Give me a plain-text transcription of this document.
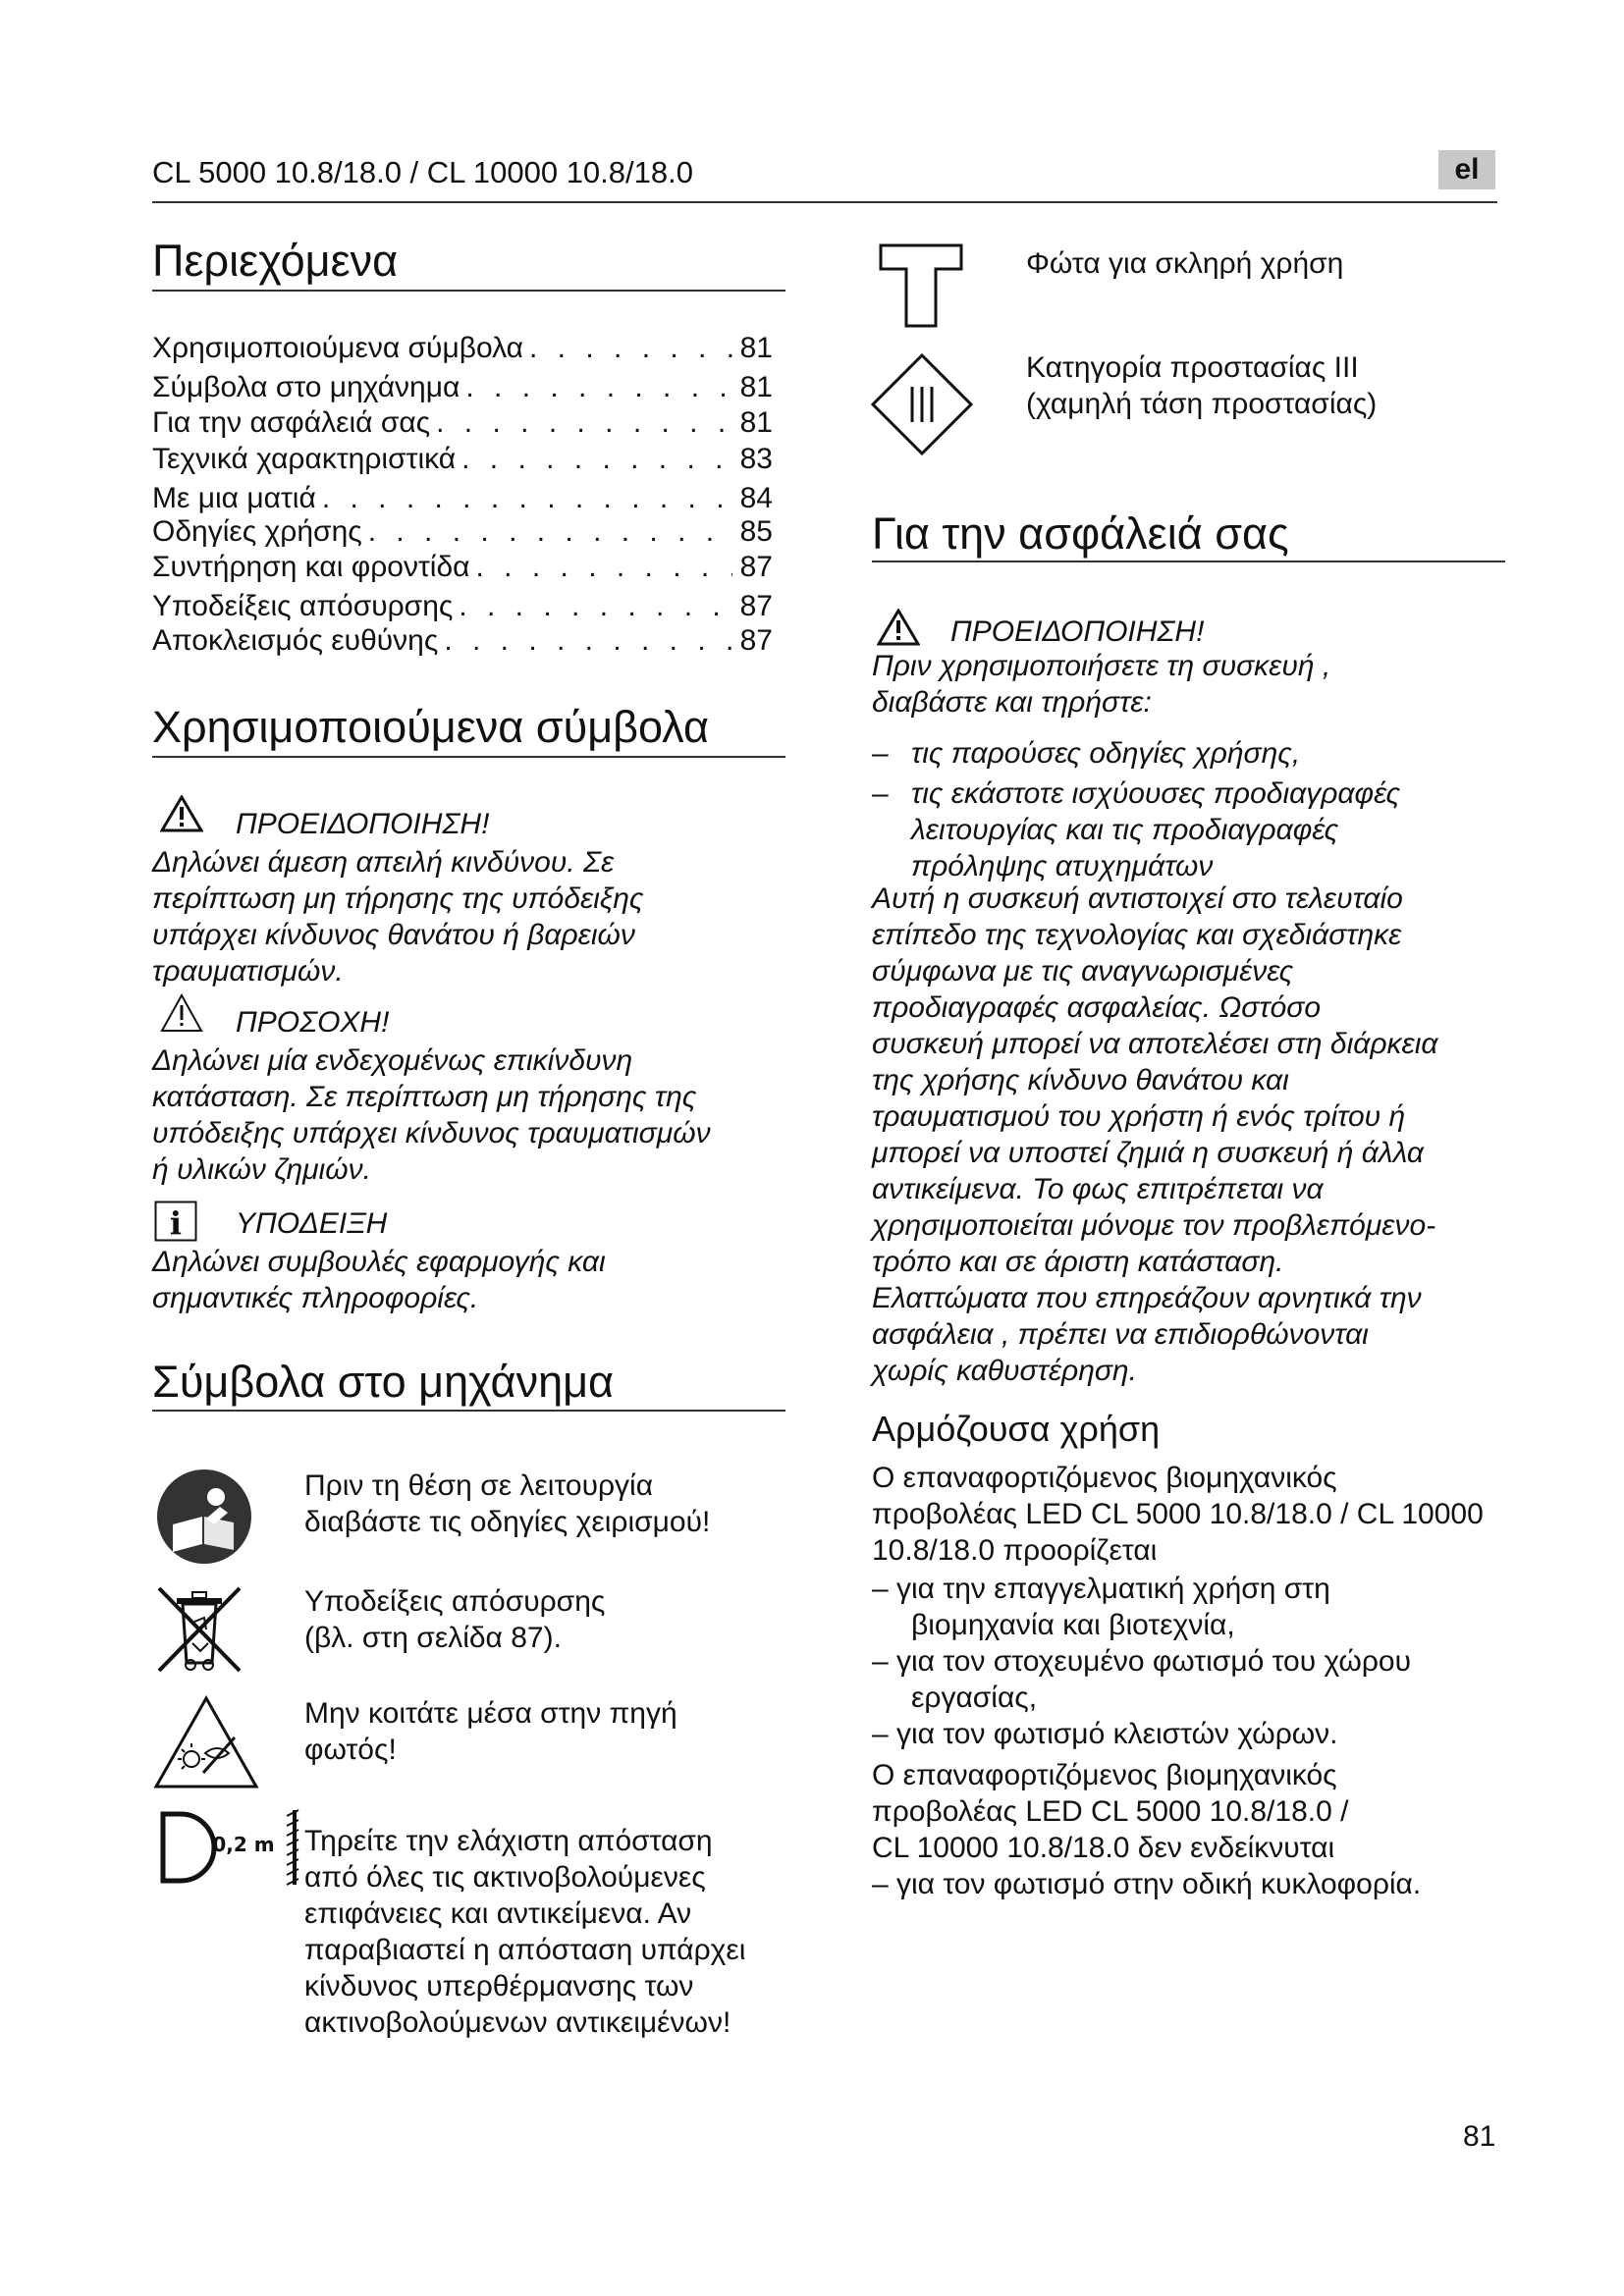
CL 5000 10.8/18.0 / CL 10000 10.8/18.0	el
Περιεχόμενα
Χρησιμοποιούμενα σύμβολα . . .	81
Σύμβολα στο μηχάνημα . . .	81
Για την ασφάλειά σας . . .	81
Τεχνικά χαρακτηριστικά . . .	83
Με μια ματιά . . .	84
Οδηγίες χρήσης . . .	85
Συντήρηση και φροντίδα . . .	87
Υποδείξεις απόσυρσης . . .	87
Αποκλεισμός ευθύνης . . .	87
Χρησιμοποιούμενα σύμβολα
ΠΡΟΕΙΔΟΠΟΙΗΣΗ!
Δηλώνει άμεση απειλή κινδύνου. Σε
περίπτωση μη τήρησης της υπόδειξης
υπάρχει κίνδυνος θανάτου ή βαρειών
τραυματισμών.
ΠΡΟΣΟΧΗ!
Δηλώνει μία ενδεχομένως επικίνδυνη
κατάσταση. Σε περίπτωση μη τήρησης της
υπόδειξης υπάρχει κίνδυνος τραυματισμών
ή υλικών ζημιών.
i ΥΠΟΔΕΙΞΗ
Δηλώνει συμβουλές εφαρμογής και
σημαντικές πληροφορίες.
Σύμβολα στο μηχάνημα
Πριν τη θέση σε λειτουργία
διαβάστε τις οδηγίες χειρισμού!
Υποδείξεις απόσυρσης
(βλ. στη σελίδα 87).
Μην κοιτάτε μέσα στην πηγή
φωτός!
0,2 m Τηρείτε την ελάχιστη απόσταση
από όλες τις ακτινοβολούμενες
επιφάνειες και αντικείμενα. Αν
παραβιαστεί η απόσταση υπάρχει
κίνδυνος υπερθέρμανσης των
ακτινοβολούμενων αντικειμένων!
Φώτα για σκληρή χρήση
Κατηγορία προστασίας III
(χαμηλή τάση προστασίας)
Για την ασφάλειά σας
ΠΡΟΕΙΔΟΠΟΙΗΣΗ!
Πριν χρησιμοποιήσετε τη συσκευή ,
διαβάστε και τηρήστε:
– τις παρούσες οδηγίες χρήσης,
– τις εκάστοτε ισχύουσες προδιαγραφές
λειτουργίας και τις προδιαγραφές
πρόληψης ατυχημάτων
Αυτή η συσκευή αντιστοιχεί στο τελευταίο
επίπεδο της τεχνολογίας και σχεδιάστηκε
σύμφωνα με τις αναγνωρισμένες
προδιαγραφές ασφαλείας. Ωστόσο
συσκευή μπορεί να αποτελέσει στη διάρκεια
της χρήσης κίνδυνο θανάτου και
τραυματισμού του χρήστη ή ενός τρίτου ή
μπορεί να υποστεί ζημιά η συσκευή ή άλλα
αντικείμενα. Το φως επιτρέπεται να
χρησιμοποιείται μόνομε τον προβλεπόμενο-
τρόπο και σε άριστη κατάσταση.
Ελαττώματα που επηρεάζουν αρνητικά την
ασφάλεια , πρέπει να επιδιορθώνονται
χωρίς καθυστέρηση.
Αρμόζουσα χρήση
Ο επαναφορτιζόμενος βιομηχανικός
προβολέας LED CL 5000 10.8/18.0 / CL 10000
10.8/18.0 προορίζεται
– για την επαγγελματική χρήση στη
βιομηχανία και βιοτεχνία,
– για τον στοχευμένο φωτισμό του χώρου
εργασίας,
– για τον φωτισμό κλειστών χώρων.
Ο επαναφορτιζόμενος βιομηχανικός
προβολέας LED CL 5000 10.8/18.0 /
CL 10000 10.8/18.0 δεν ενδείκνυται
– για τον φωτισμό στην οδική κυκλοφορία.
81
